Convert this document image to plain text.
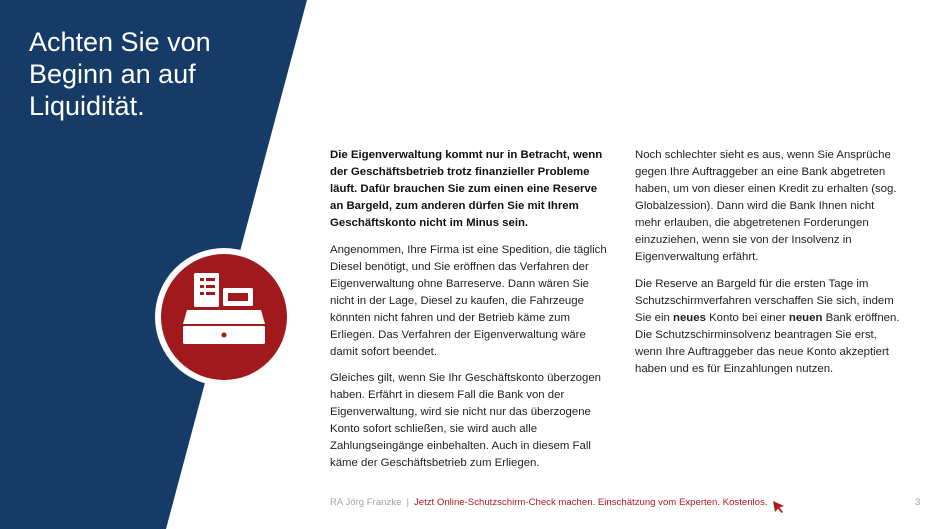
Achten Sie von Beginn an auf Liquidität.

Die Eigenverwaltung kommt nur in Betracht, wenn der Geschäftsbetrieb trotz finanzieller Probleme läuft. Dafür brauchen Sie zum einen eine Reserve an Bargeld, zum anderen dürfen Sie mit Ihrem Geschäftskonto nicht im Minus sein.

Angenommen, Ihre Firma ist eine Spedition, die täglich Diesel benötigt, und Sie eröffnen das Verfahren der Eigenverwaltung ohne Barreserve. Dann wären Sie nicht in der Lage, Diesel zu kaufen, die Fahrzeuge könnten nicht fahren und der Betrieb käme zum Erliegen. Das Verfahren der Eigenverwaltung wäre damit sofort beendet.

Gleiches gilt, wenn Sie Ihr Geschäftskonto überzogen haben. Erfährt in diesem Fall die Bank von der Eigenverwaltung, wird sie nicht nur das überzogene Konto sofort schließen, sie wird auch alle Zahlungseingänge einbehalten. Auch in diesem Fall käme der Geschäftsbetrieb zum Erliegen.

Noch schlechter sieht es aus, wenn Sie Ansprüche gegen Ihre Auftraggeber an eine Bank abgetreten haben, um von dieser einen Kredit zu erhalten (sog. Globalzession). Dann wird die Bank Ihnen nicht mehr erlauben, die abgetretenen Forderungen einzuziehen, wenn sie von der Insolvenz in Eigenverwaltung erfährt.

Die Reserve an Bargeld für die ersten Tage im Schutzschirmverfahren verschaffen Sie sich, indem Sie ein neues Konto bei einer neuen Bank eröffnen. Die Schutzschirminsolvenz beantragen Sie erst, wenn Ihre Auftraggeber das neue Konto akzeptiert haben und es für Einzahlungen nutzen.

RA Jörg Franzke | Jetzt Online-Schutzschirm-Check machen. Einschätzung vom Experten. Kostenlos.	3
